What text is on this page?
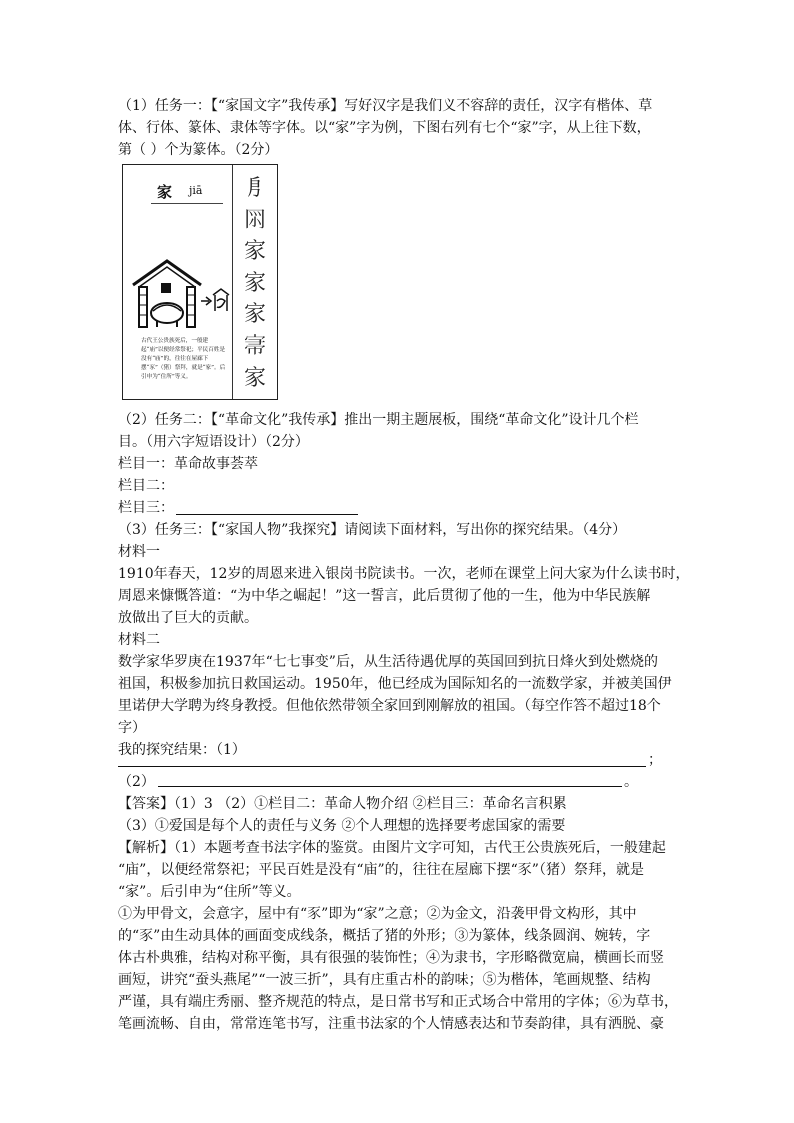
（1）任务一：【“家国文字”我传承】写好汉字是我们义不容辞的责任，汉字有楷体、草
体、行体、篆体、隶体等字体。以“家”字为例，下图右列有七个“家”字，从上往下数，
第（ ）个为篆体。（2分）
家 jiā
古代王公贵族死后，一般建起“庙”以便经常祭祀；平民百姓是没有“庙”的，往往在屋廊下摆“豕”（猪）祭拜，就是“家”。后引申为“住所”等义。
㐆
𠕘
家
家
家
𡨦
家
（2）任务二：【“革命文化”我传承】推出一期主题展板，围绕“革命文化”设计几个栏
目。（用六字短语设计）（2分）
栏目一：革命故事荟萃
栏目二：
栏目三：
（3）任务三：【“家国人物”我探究】请阅读下面材料，写出你的探究结果。（4分）
材料一
1910年春天，12岁的周恩来进入银岗书院读书。一次，老师在课堂上问大家为什么读书时，
周恩来慷慨答道：“为中华之崛起！”这一誓言，此后贯彻了他的一生，他为中华民族解
放做出了巨大的贡献。
材料二
数学家华罗庚在1937年“七七事变”后，从生活待遇优厚的英国回到抗日烽火到处燃烧的
祖国，积极参加抗日救国运动。1950年，他已经成为国际知名的一流数学家，并被美国伊
里诺伊大学聘为终身教授。但他依然带领全家回到刚解放的祖国。（每空作答不超过18个
字）
我的探究结果：（1）
；
（2）	。
【答案】（1）3 （2）①栏目二：革命人物介绍 ②栏目三：革命名言积累
（3）①爱国是每个人的责任与义务 ②个人理想的选择要考虑国家的需要
【解析】（1）本题考查书法字体的鉴赏。由图片文字可知，古代王公贵族死后，一般建起
“庙”，以便经常祭祀；平民百姓是没有“庙”的，往往在屋廊下摆“豕”（猪）祭拜，就是
“家”。后引申为“住所”等义。
①为甲骨文，会意字，屋中有“豕”即为“家”之意；②为金文，沿袭甲骨文构形，其中
的“豕”由生动具体的画面变成线条，概括了猪的外形；③为篆体，线条圆润、婉转，字
体古朴典雅，结构对称平衡，具有很强的装饰性；④为隶书，字形略微宽扁，横画长而竖
画短，讲究“蚕头燕尾”“一波三折”，具有庄重古朴的韵味；⑤为楷体，笔画规整、结构
严谨，具有端庄秀丽、整齐规范的特点，是日常书写和正式场合中常用的字体；⑥为草书，
笔画流畅、自由，常常连笔书写，注重书法家的个人情感表达和节奏韵律，具有洒脱、豪
